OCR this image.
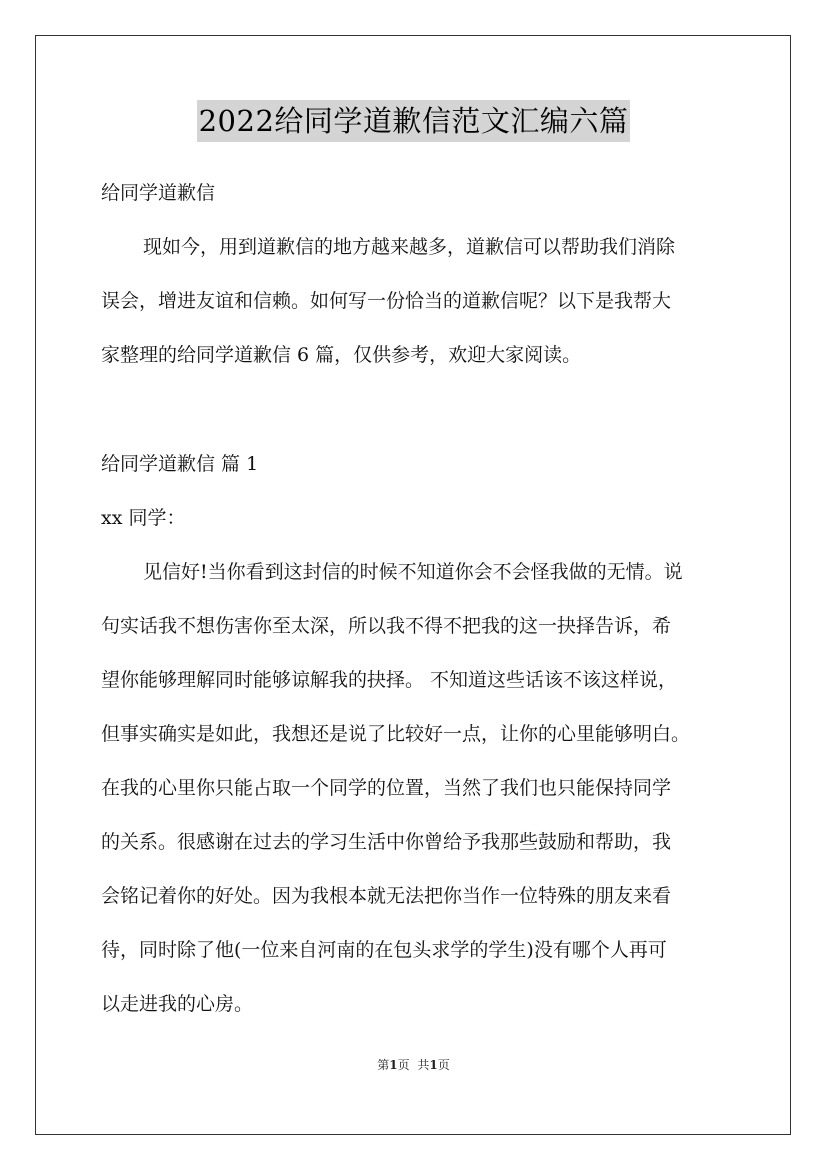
2022给同学道歉信范文汇编六篇
给同学道歉信
现如今，用到道歉信的地方越来越多，道歉信可以帮助我们消除
误会，增进友谊和信赖。如何写一份恰当的道歉信呢？以下是我帮大
家整理的给同学道歉信 6 篇，仅供参考，欢迎大家阅读。
给同学道歉信 篇 1
xx 同学：
见信好!当你看到这封信的时候不知道你会不会怪我做的无情。说
句实话我不想伤害你至太深，所以我不得不把我的这一抉择告诉，希
望你能够理解同时能够谅解我的抉择。 不知道这些话该不该这样说，
但事实确实是如此，我想还是说了比较好一点，让你的心里能够明白。
在我的心里你只能占取一个同学的位置，当然了我们也只能保持同学
的关系。很感谢在过去的学习生活中你曾给予我那些鼓励和帮助，我
会铭记着你的好处。因为我根本就无法把你当作一位特殊的朋友来看
待，同时除了他(一位来自河南的在包头求学的学生)没有哪个人再可
以走进我的心房。
第1页 共1页
